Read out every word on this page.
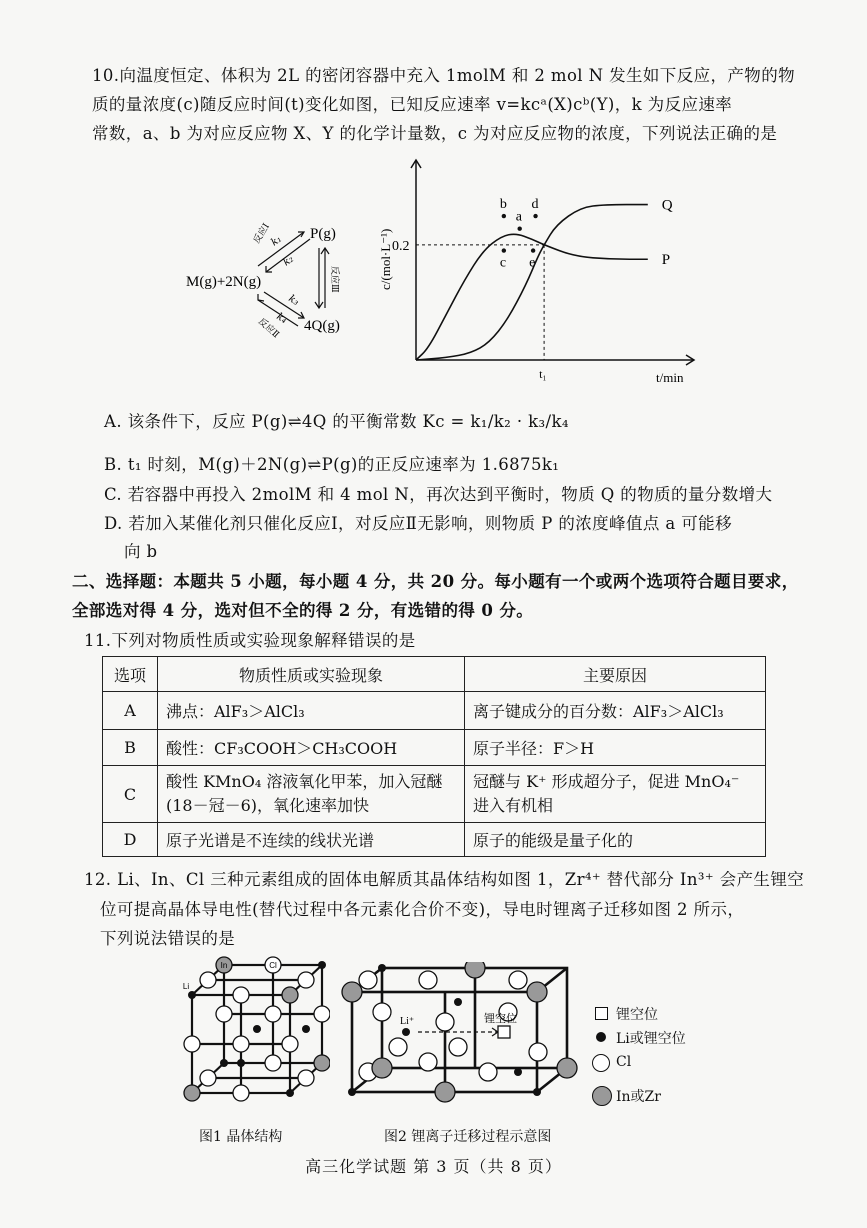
10.向温度恒定、体积为 2L 的密闭容器中充入 1molM 和 2 mol N 发生如下反应，产物的物
质的量浓度(c)随反应时间(t)变化如图，已知反应速率 v=kcᵃ(X)cᵇ(Y)，k 为反应速率
常数，a、b 为对应反应物 X、Y 的化学计量数，c 为对应反应物的浓度，下列说法正确的是
P(g)
M(g)+2N(g)
4Q(g)
k₁
k₂
反应Ⅰ
k₃
k₄
反应Ⅱ
反应Ⅲ	c/(mol·L⁻¹)
t/min
0.2
t₁
P
Q
b
a
d
c e
A. 该条件下，反应 P(g)⇌4Q 的平衡常数 Kc = k₁/k₂ · k₃/k₄
B. t₁ 时刻，M(g)＋2N(g)⇌P(g)的正反应速率为 1.6875k₁
C. 若容器中再投入 2molM 和 4 mol N，再次达到平衡时，物质 Q 的物质的量分数增大
D. 若加入某催化剂只催化反应Ⅰ，对反应Ⅱ无影响，则物质 P 的浓度峰值点 a 可能移
向 b
二、选择题：本题共 5 小题，每小题 4 分，共 20 分。每小题有一个或两个选项符合题目要求，
全部选对得 4 分，选对但不全的得 2 分，有选错的得 0 分。
11.下列对物质性质或实验现象解释错误的是
选项	物质性质或实验现象	主要原因
A	沸点：AlF₃＞AlCl₃	离子键成分的百分数：AlF₃＞AlCl₃
B	酸性：CF₃COOH＞CH₃COOH	原子半径：F＞H
C	酸性 KMnO₄ 溶液氧化甲苯，加入冠醚(18－冠－6)，氧化速率加快	冠醚与 K⁺ 形成超分子，促进 MnO₄⁻ 进入有机相
D	原子光谱是不连续的线状光谱	原子的能级是量子化的
12. Li、In、Cl 三种元素组成的固体电解质其晶体结构如图 1，Zr⁴⁺ 替代部分 In³⁺ 会产生锂空
位可提高晶体导电性(替代过程中各元素化合价不变)，导电时锂离子迁移如图 2 所示，
下列说法错误的是
In	Cl
Li
图1 晶体结构
Li⁺	锂空位
图2 锂离子迁移过程示意图
锂空位
Li或锂空位
Cl
In或Zr
高三化学试题 第 3 页（共 8 页）
